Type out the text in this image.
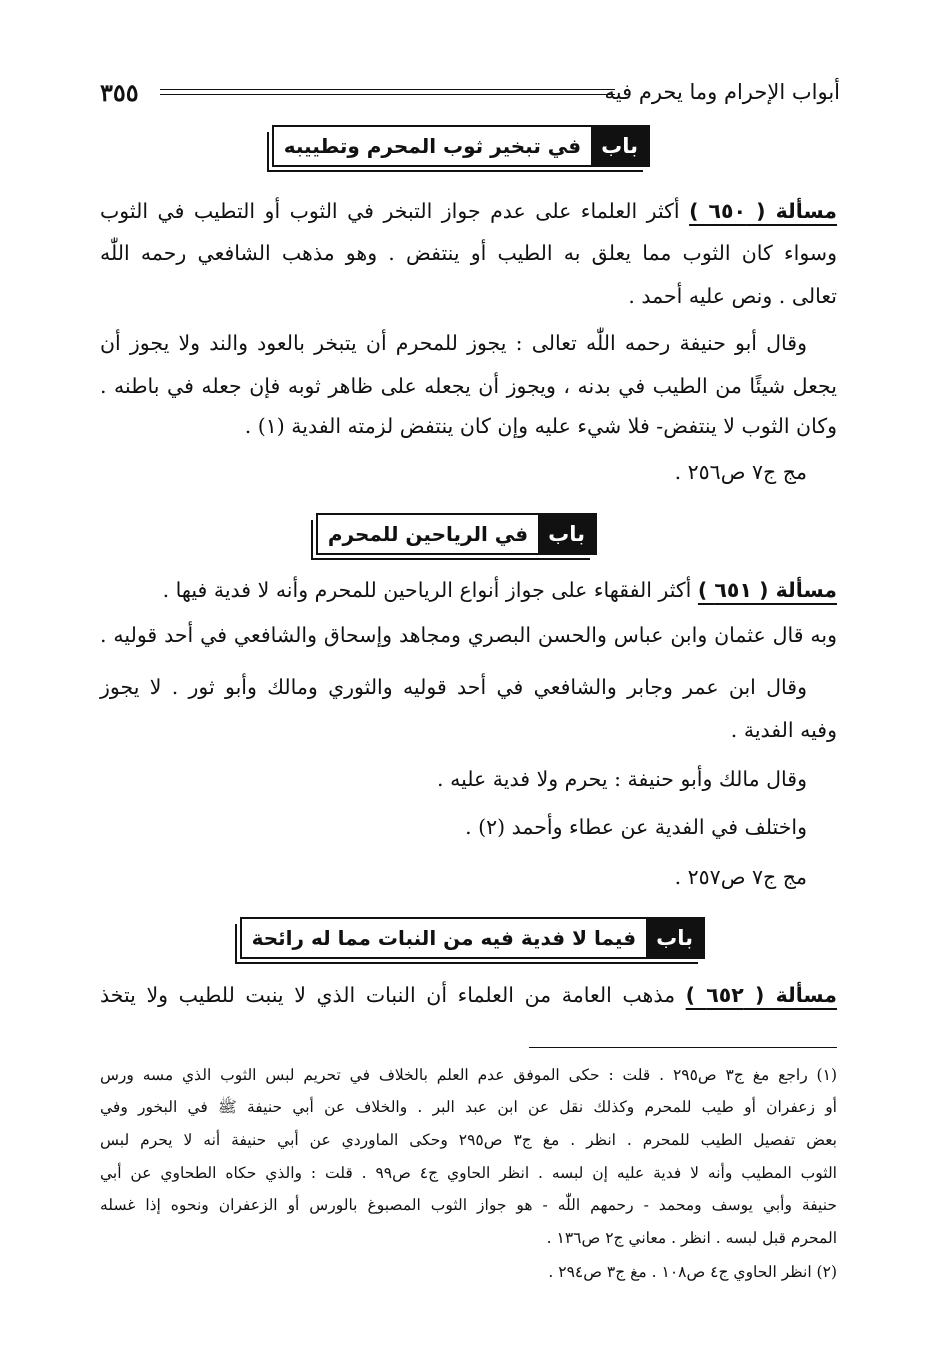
٣٥٥	أبواب الإحرام وما يحرم فيه
باب
في تبخير ثوب المحرم وتطييبه
مسألة ( ٦٥٠ ) أكثر العلماء على عدم جواز التبخر في الثوب أو التطيب في الثوب
وسواء كان الثوب مما يعلق به الطيب أو ينتفض . وهو مذهب الشافعي رحمه اللّٰه
تعالى . ونص عليه أحمد .
وقال أبو حنيفة رحمه اللّٰه تعالى : يجوز للمحرم أن يتبخر بالعود والند ولا يجوز أن
يجعل شيئًا من الطيب في بدنه ، ويجوز أن يجعله على ظاهر ثوبه فإن جعله في باطنه .
وكان الثوب لا ينتفض- فلا شيء عليه وإن كان ينتفض لزمته الفدية (١) .
مج ج٧ ص٢٥٦ .
باب
في الرياحين للمحرم
مسألة ( ٦٥١ ) أكثر الفقهاء على جواز أنواع الرياحين للمحرم وأنه لا فدية فيها .
وبه قال عثمان وابن عباس والحسن البصري ومجاهد وإسحاق والشافعي في أحد قوليه .
وقال ابن عمر وجابر والشافعي في أحد قوليه والثوري ومالك وأبو ثور . لا يجوز
وفيه الفدية .
وقال مالك وأبو حنيفة : يحرم ولا فدية عليه .
واختلف في الفدية عن عطاء وأحمد (٢) .
مج ج٧ ص٢٥٧ .
باب
فيما لا فدية فيه من النبات مما له رائحة
مسألة ( ٦٥٢ ) مذهب العامة من العلماء أن النبات الذي لا ينبت للطيب ولا يتخذ
(١) راجع مغ ج٣ ص٢٩٥ . قلت : حكى الموفق عدم العلم بالخلاف في تحريم لبس الثوب الذي مسه ورس
أو زعفران أو طيب للمحرم وكذلك نقل عن ابن عبد البر . والخلاف عن أبي حنيفة ﷺ في البخور وفي
بعض تفصيل الطيب للمحرم . انظر . مغ ج٣ ص٢٩٥ وحكى الماوردي عن أبي حنيفة أنه لا يحرم لبس
الثوب المطيب وأنه لا فدية عليه إن لبسه . انظر الحاوي ج٤ ص٩٩ . قلت : والذي حكاه الطحاوي عن أبي
حنيفة وأبي يوسف ومحمد - رحمهم اللّٰه - هو جواز الثوب المصبوغ بالورس أو الزعفران ونحوه إذا غسله
المحرم قبل لبسه . انظر . معاني ج٢ ص١٣٦ .
(٢) انظر الحاوي ج٤ ص١٠٨ . مغ ج٣ ص٢٩٤ .
